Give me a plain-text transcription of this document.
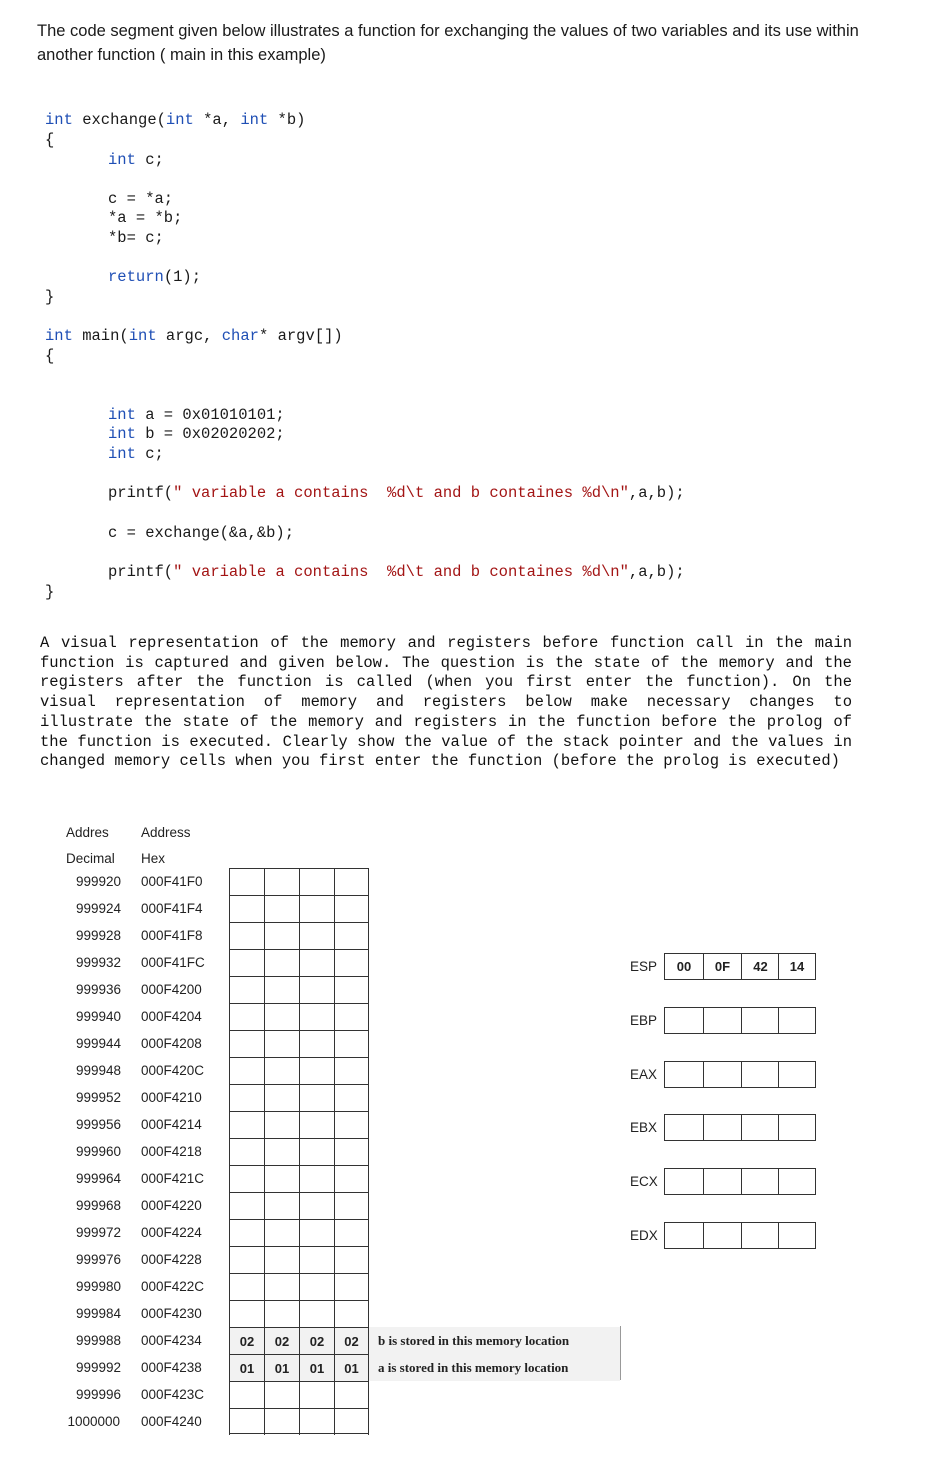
The code segment given below illustrates a function for exchanging the values of two variables and its use within another function ( main in this example)
int exchange(int *a, int *b)
{
int c;
c = *a;
*a = *b;
*b= c;
return(1);
}
int main(int argc, char* argv[])
{
int a = 0x01010101;
int b = 0x02020202;
int c;
printf(" variable a contains  %d\t and b containes %d\n",a,b);
c = exchange(&a,&b);
printf(" variable a contains  %d\t and b containes %d\n",a,b);
}
A visual representation of the memory and registers before function call in the main function is captured and given below. The question is the state of the memory and the registers after the function is called (when you first enter the function). On the visual representation of memory and registers below make necessary changes to illustrate the state of the memory and registers in the function before the prolog of the function is executed. Clearly show the value of the stack pointer and the values in changed memory cells when you first enter the function (before the prolog is executed)
Addres
Decimal
Address
Hex
999920 000F41F0
999924 000F41F4
999928 000F41F8
999932 000F41FC
999936 000F4200
999940 000F4204
999944 000F4208
999948 000F420C
999952 000F4210
999956 000F4214
999960 000F4218
999964 000F421C
999968 000F4220
999972 000F4224
999976 000F4228
999980 000F422C
999984 000F4230
999988 000F4234	02	02	02	02	b is stored in this memory location
999992 000F4238	01	01	01	01	a is stored in this memory location
999996 000F423C
1000000 000F4240
ESP	00	0F	42	14
EBP
EAX
EBX
ECX
EDX
